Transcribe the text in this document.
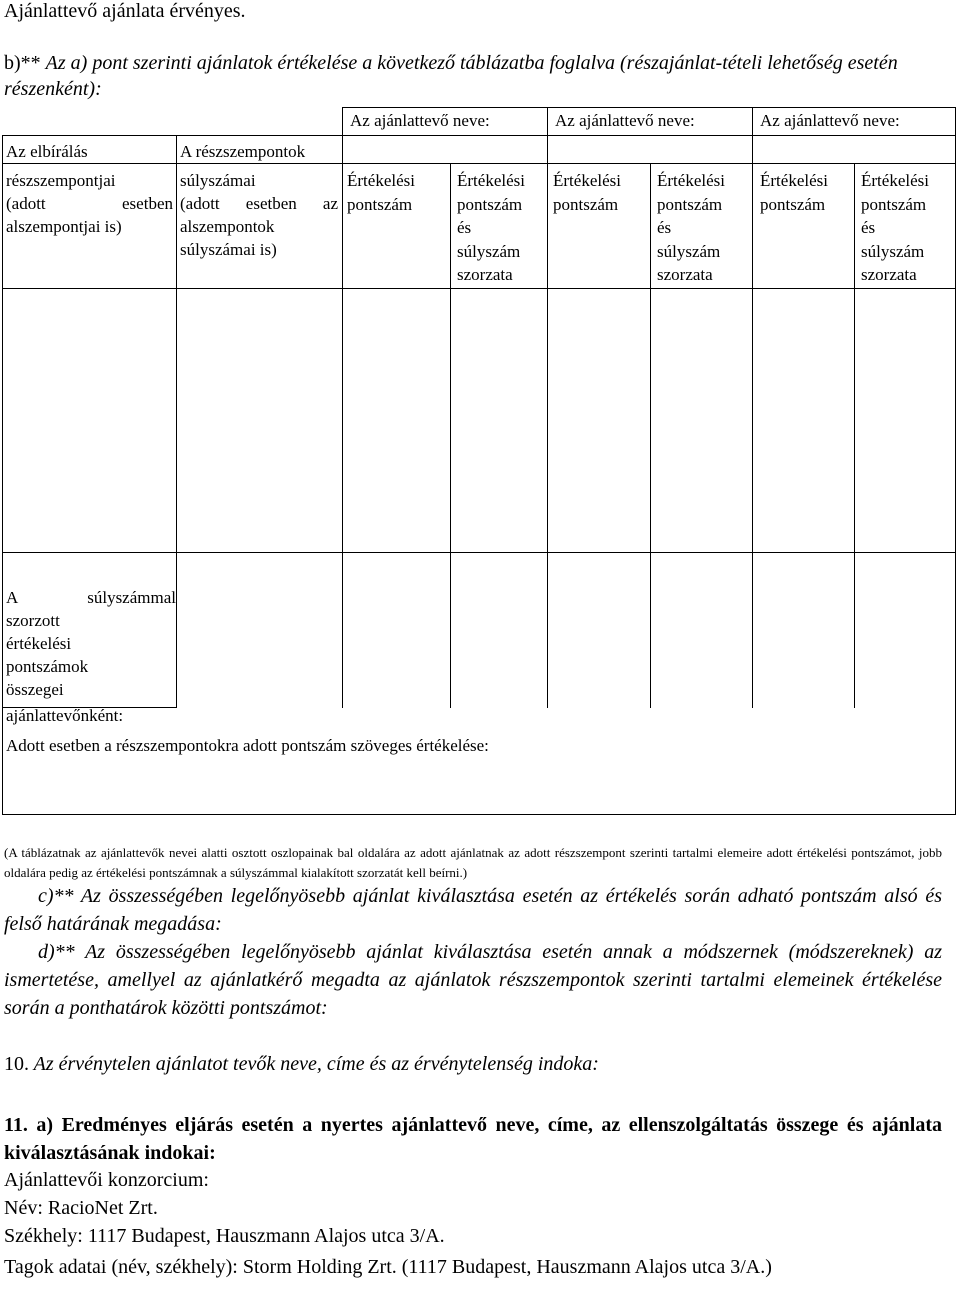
Ajánlattevő ajánlata érvényes.
b)** Az a) pont szerinti ajánlatok értékelése a következő táblázatba foglalva (részajánlat-tételi lehetőség esetén részenként):
Az ajánlattevő neve:	Az ajánlattevő neve:	Az ajánlattevő neve:
Az elbírálás
részszempontjai
(adott esetben
alszempontjai is)
A részszempontok
súlyszámai
(adott esetben az
alszempontok
súlyszámai is)
Értékelési
pontszám
Értékelési
pontszám
és
súlyszám
szorzata
Értékelési
pontszám
Értékelési
pontszám
és
súlyszám
szorzata
Értékelési
pontszám
Értékelési
pontszám
és
súlyszám
szorzata
A súlyszámmal
szorzott
értékelési
pontszámok
összegei
ajánlattevőnként:
Adott esetben a részszempontokra adott pontszám szöveges értékelése:
(A táblázatnak az ajánlattevők nevei alatti osztott oszlopainak bal oldalára az adott ajánlatnak az adott részszempont szerinti tartalmi elemeire adott értékelési pontszámot, jobb oldalára pedig az értékelési pontszámnak a súlyszámmal kialakított szorzatát kell beírni.)
c)** Az összességében legelőnyösebb ajánlat kiválasztása esetén az értékelés során adható pontszám alsó és felső határának megadása:
d)** Az összességében legelőnyösebb ajánlat kiválasztása esetén annak a módszernek (módszereknek) az ismertetése, amellyel az ajánlatkérő megadta az ajánlatok részszempontok szerinti tartalmi elemeinek értékelése során a ponthatárok közötti pontszámot:
10. Az érvénytelen ajánlatot tevők neve, címe és az érvénytelenség indoka:
11. a) Eredményes eljárás esetén a nyertes ajánlattevő neve, címe, az ellenszolgáltatás összege és ajánlata kiválasztásának indokai:
Ajánlattevői konzorcium:
Név: RacioNet Zrt.
Székhely: 1117 Budapest, Hauszmann Alajos utca 3/A.
Tagok adatai (név, székhely): Storm Holding Zrt. (1117 Budapest, Hauszmann Alajos utca 3/A.)
